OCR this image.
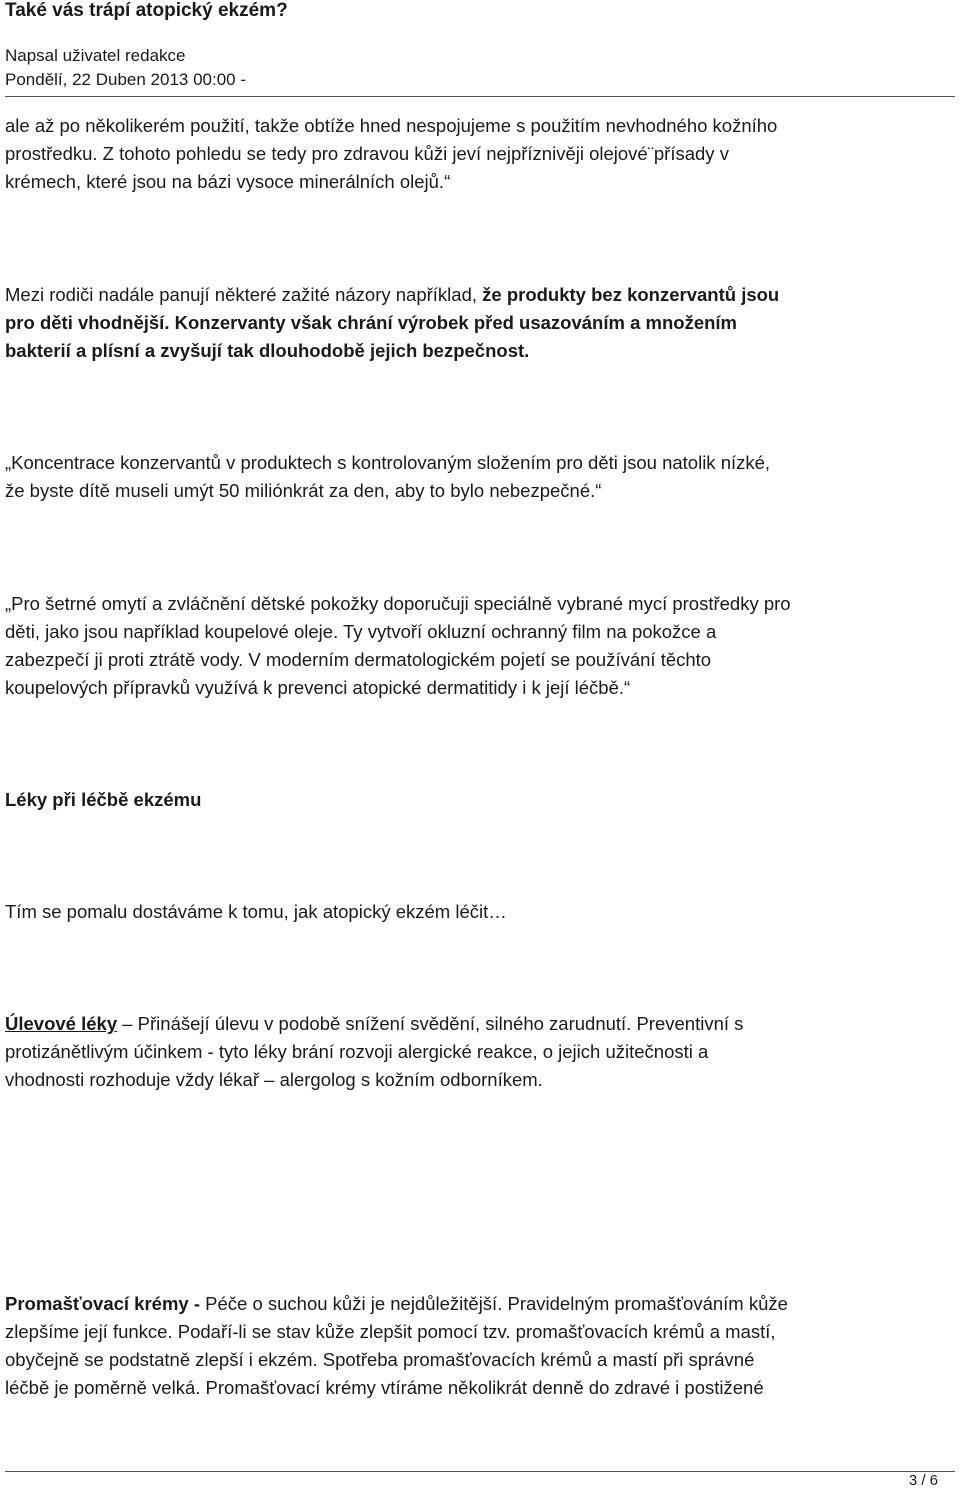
Také vás trápí atopický ekzém?
Napsal uživatel redakce
Pondělí, 22 Duben 2013 00:00 -
ale až po několikerém použití, takže obtíže hned nespojujeme s použitím nevhodného kožního
prostředku. Z tohoto pohledu se tedy pro zdravou kůži jeví nejpříznivěji olejové¨přísady v
krémech, které jsou na bázi vysoce minerálních olejů.“
Mezi rodiči nadále panují některé zažité názory například, že produkty bez konzervantů jsou
pro děti vhodnější. Konzervanty však chrání výrobek před usazováním a množením
bakterií a plísní a zvyšují tak dlouhodobě jejich bezpečnost.
„Koncentrace konzervantů v produktech s kontrolovaným složením pro děti jsou natolik nízké,
že byste dítě museli umýt 50 miliónkrát za den, aby to bylo nebezpečné.“
„Pro šetrné omytí a zvláčnění dětské pokožky doporučuji speciálně vybrané mycí prostředky pro
děti, jako jsou například koupelové oleje. Ty vytvoří okluzní ochranný film na pokožce a
zabezpečí ji proti ztrátě vody. V moderním dermatologickém pojetí se používání těchto
koupelových přípravků využívá k prevenci atopické dermatitidy i k její léčbě.“
Léky při léčbě ekzému
Tím se pomalu dostáváme k tomu, jak atopický ekzém léčit…
Úlevové léky – Přinášejí úlevu v podobě snížení svědění, silného zarudnutí. Preventivní s
protizánětlivým účinkem - tyto léky brání rozvoji alergické reakce, o jejich užitečnosti a
vhodnosti rozhoduje vždy lékař – alergolog s kožním odborníkem.
Promašťovací krémy - Péče o suchou kůži je nejdůležitější. Pravidelným promašťováním kůže
zlepšíme její funkce. Podaří-li se stav kůže zlepšit pomocí tzv. promašťovacích krémů a mastí,
obyčejně se podstatně zlepší i ekzém. Spotřeba promašťovacích krémů a mastí při správné
léčbě je poměrně velká. Promašťovací krémy vtíráme několikrát denně do zdravé i postižené
3 / 6
